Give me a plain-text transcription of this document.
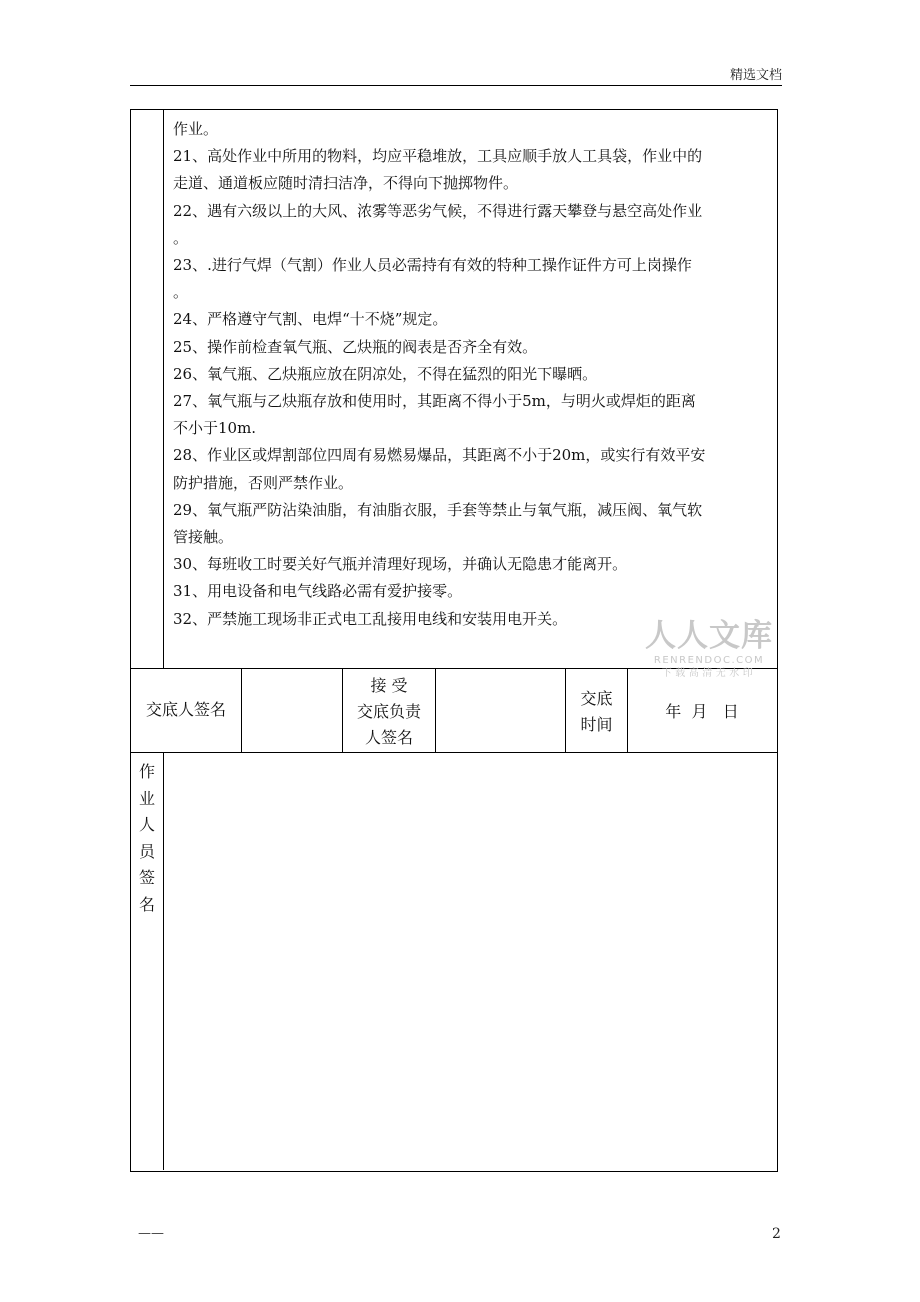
精选文档

作业。

21、高处作业中所用的物料，均应平稳堆放，工具应顺手放人工具袋，作业中的

走道、通道板应随时清扫洁净，不得向下抛掷物件。

22、遇有六级以上的大风、浓雾等恶劣气候，不得进行露天攀登与悬空高处作业

。

23、.进行气焊（气割）作业人员必需持有有效的特种工操作证件方可上岗操作

。

24、严格遵守气割、电焊“十不烧”规定。

25、操作前检查氧气瓶、乙炔瓶的阀表是否齐全有效。

26、氧气瓶、乙炔瓶应放在阴凉处，不得在猛烈的阳光下曝晒。

27、氧气瓶与乙炔瓶存放和使用时，其距离不得小于5m，与明火或焊炬的距离

不小于10m.

28、作业区或焊割部位四周有易燃易爆品，其距离不小于20m，或实行有效平安

防护措施，否则严禁作业。

29、氧气瓶严防沾染油脂，有油脂衣服，手套等禁止与氧气瓶，减压阀、氧气软

管接触。

30、每班收工时要关好气瓶并清理好现场，并确认无隐患才能离开。

31、用电设备和电气线路必需有爱护接零。

32、严禁施工现场非正式电工乱接用电线和安装用电开关。	人人文库
RENRENDOC.COM
下载高清无水印
交底人签名
接 受
交底负责
人签名
交底
时间
年  月   日
作
业
人
员
签
名
——	2
